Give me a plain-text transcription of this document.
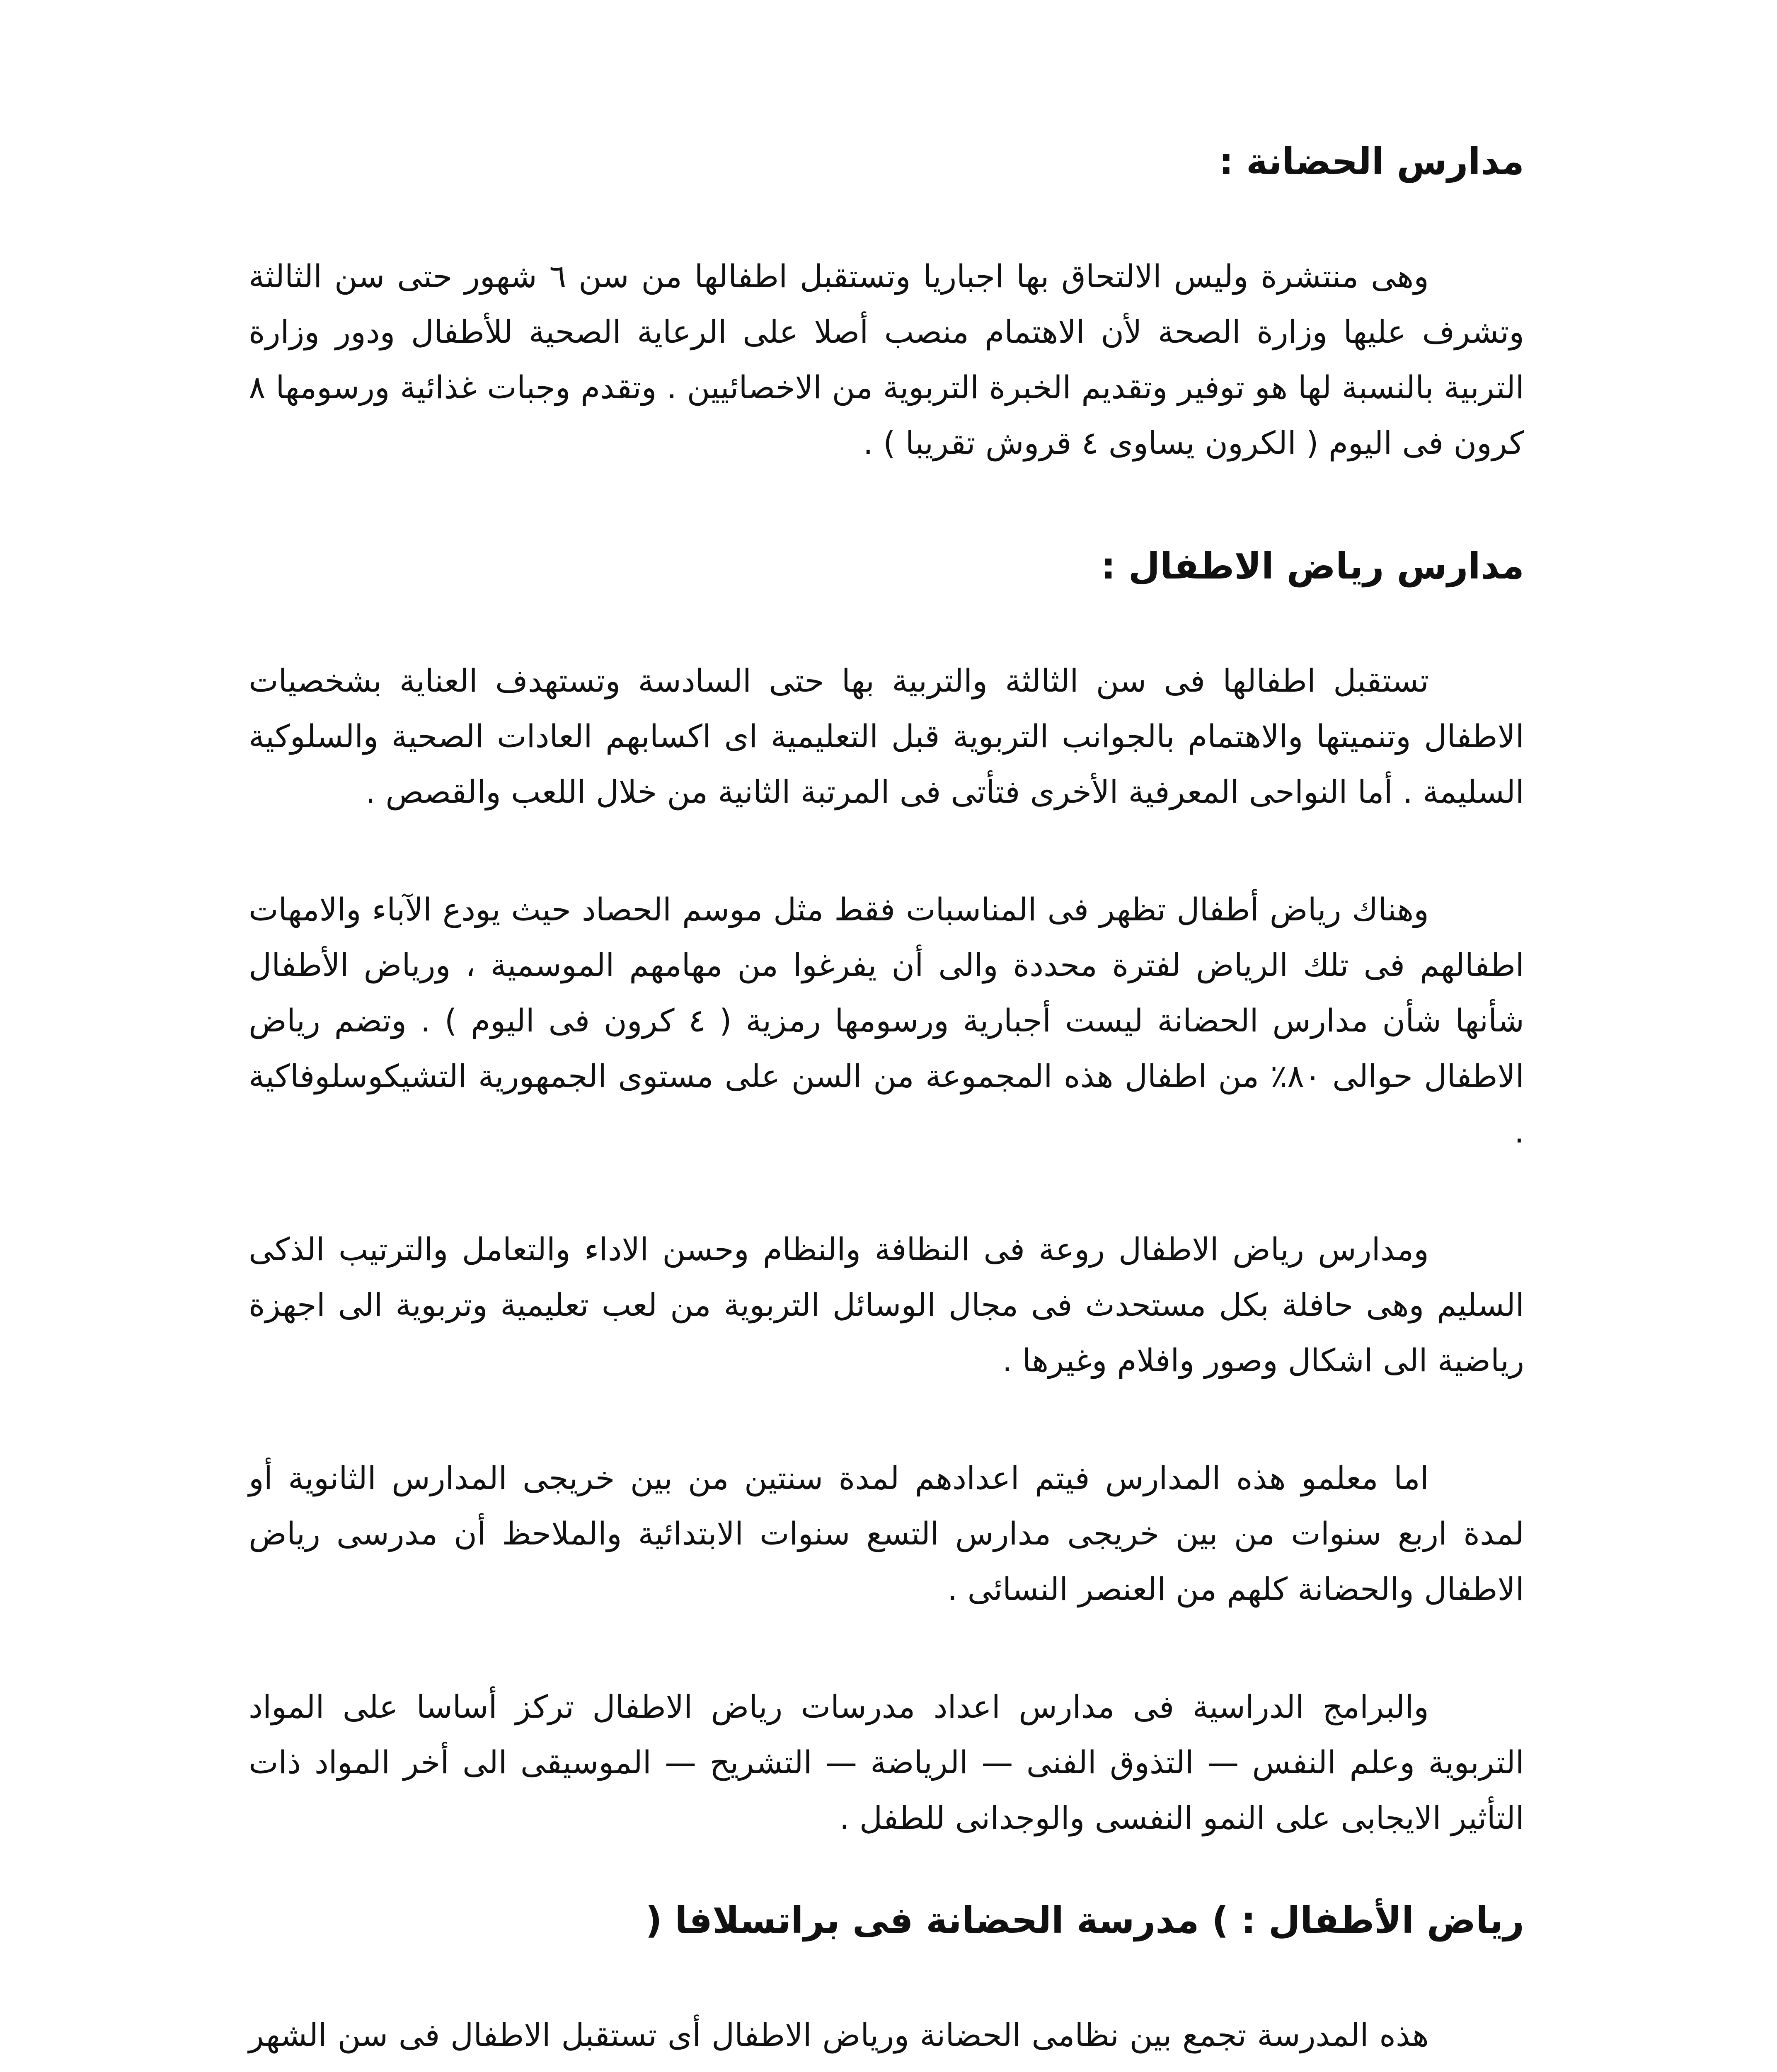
مدارس الحضانة :

وهى منتشرة وليس الالتحاق بها اجباريا وتستقبل اطفالها من سن ٦ شهور حتى سن الثالثة وتشرف عليها وزارة الصحة لأن الاهتمام منصب أصلا على الرعاية الصحية للأطفال ودور وزارة التربية بالنسبة لها هو توفير وتقديم الخبرة التربوية من الاخصائيين . وتقدم وجبات غذائية ورسومها ٨ كرون فى اليوم ( الكرون يساوى ٤ قروش تقريبا ) .

مدارس رياض الاطفال :

تستقبل اطفالها فى سن الثالثة والتربية بها حتى السادسة وتستهدف العناية بشخصيات الاطفال وتنميتها والاهتمام بالجوانب التربوية قبل التعليمية اى اكسابهم العادات الصحية والسلوكية السليمة . أما النواحى المعرفية الأخرى فتأتى فى المرتبة الثانية من خلال اللعب والقصص .

وهناك رياض أطفال تظهر فى المناسبات فقط مثل موسم الحصاد حيث يودع الآباء والامهات اطفالهم فى تلك الرياض لفترة محددة والى أن يفرغوا من مهامهم الموسمية ، ورياض الأطفال شأنها شأن مدارس الحضانة ليست أجبارية ورسومها رمزية ( ٤ كرون فى اليوم ) . وتضم رياض الاطفال حوالى ٨٠٪ من اطفال هذه المجموعة من السن على مستوى الجمهورية التشيكوسلوفاكية .

ومدارس رياض الاطفال روعة فى النظافة والنظام وحسن الاداء والتعامل والترتيب الذكى السليم وهى حافلة بكل مستحدث فى مجال الوسائل التربوية من لعب تعليمية وتربوية الى اجهزة رياضية الى اشكال وصور وافلام وغيرها .

اما معلمو هذه المدارس فيتم اعدادهم لمدة سنتين من بين خريجى المدارس الثانوية أو لمدة اربع سنوات من بين خريجى مدارس التسع سنوات الابتدائية والملاحظ أن مدرسى رياض الاطفال والحضانة كلهم من العنصر النسائى .

والبرامج الدراسية فى مدارس اعداد مدرسات رياض الاطفال تركز أساسا على المواد التربوية وعلم النفس — التذوق الفنى — الرياضة — التشريح — الموسيقى الى أخر المواد ذات التأثير الايجابى على النمو النفسى والوجدانى للطفل .

رياض الأطفال : ) مدرسة الحضانة فى براتسلافا (

هذه المدرسة تجمع بين نظامى الحضانة ورياض الاطفال أى تستقبل الاطفال فى سن الشهر
